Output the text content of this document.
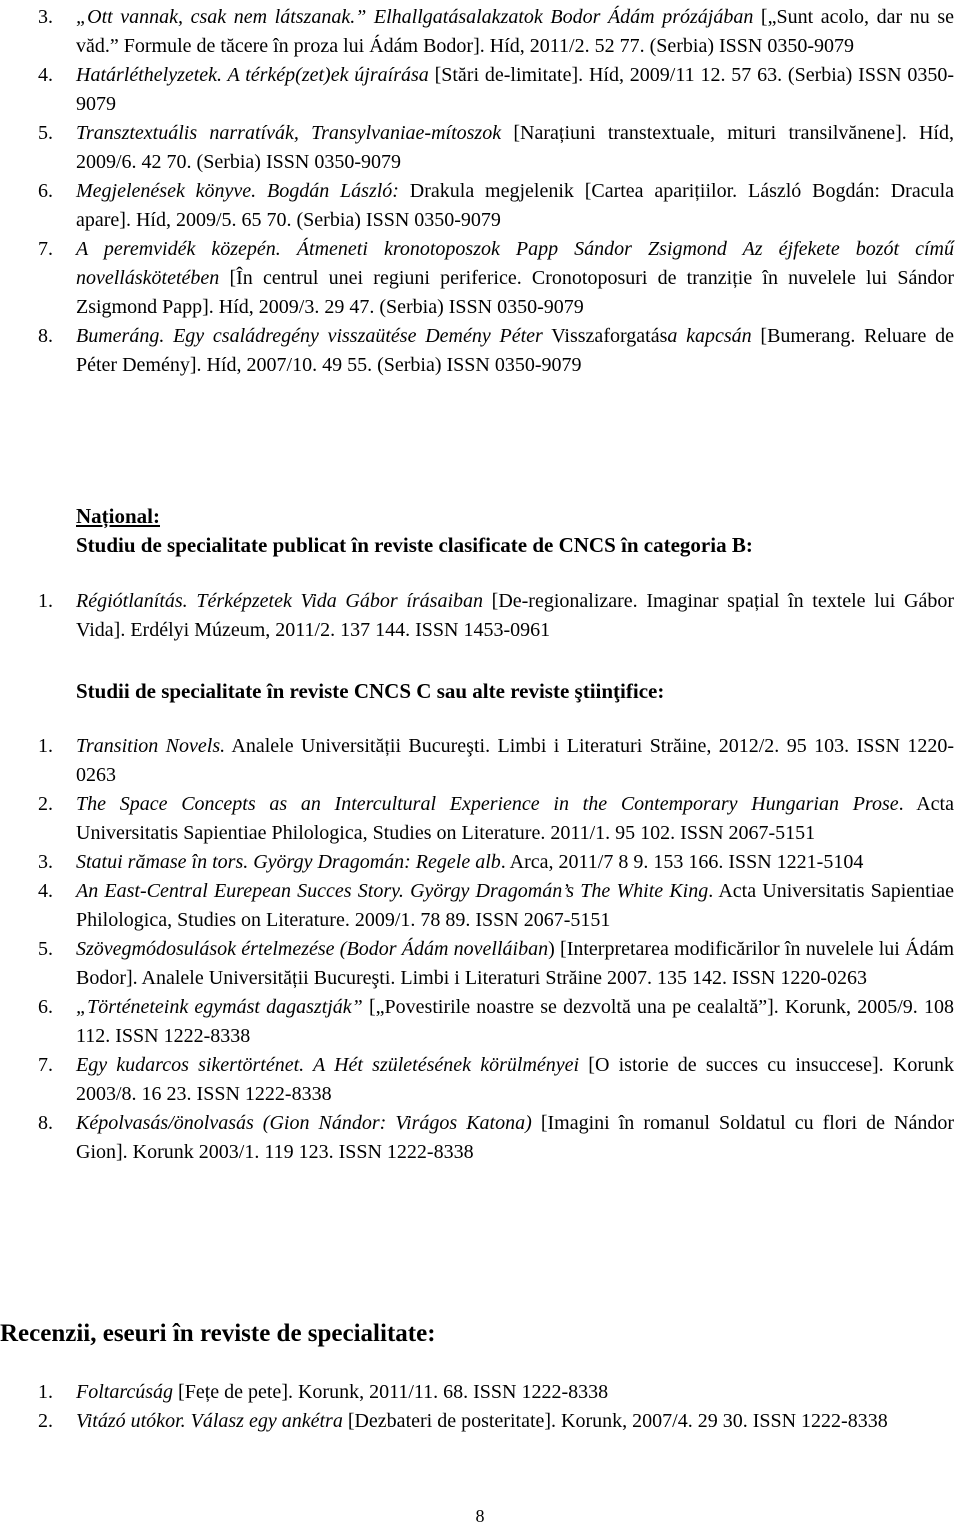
3. „Ott vannak, csak nem látszanak.” Elhallgatásalakzatok Bodor Ádám prózájában [„Sunt acolo, dar nu se văd.” Formule de tăcere în proza lui Ádám Bodor]. Híd, 2011/2. 52 77. (Serbia) ISSN 0350-9079
4. Határléthelyzetek. A térkép(zet)ek újraírása [Stări de-limitate]. Híd, 2009/11 12. 57 63. (Serbia) ISSN 0350-9079
5. Transztextuális narratívák, Transylvaniae-mítoszok [Narațiuni transtextuale, mituri transilvănene]. Híd, 2009/6. 42 70. (Serbia) ISSN 0350-9079
6. Megjelenések könyve. Bogdán László: Drakula megjelenik [Cartea aparițiilor. László Bogdán: Dracula apare]. Híd, 2009/5. 65 70. (Serbia) ISSN 0350-9079
7. A peremvidék közepén. Átmeneti kronotoposzok Papp Sándor Zsigmond Az éjfekete bozót című novelláskötetében [În centrul unei regiuni periferice. Cronotoposuri de tranziție în nuvelele lui Sándor Zsigmond Papp]. Híd, 2009/3. 29 47. (Serbia) ISSN 0350-9079
8. Bumeráng. Egy családregény visszaütése Demény Péter Visszaforgatása kapcsán [Bumerang. Reluare de Péter Demény]. Híd, 2007/10. 49 55. (Serbia) ISSN 0350-9079
Național:
Studiu de specialitate publicat în reviste clasificate de CNCS în categoria B:
1. Régiótlanítás. Térképzetek Vida Gábor írásaiban [De-regionalizare. Imaginar spațial în textele lui Gábor Vida]. Erdélyi Múzeum, 2011/2. 137 144. ISSN 1453-0961
Studii de specialitate în reviste CNCS C sau alte reviste ştiinţifice:
1. Transition Novels. Analele Universității Bucureşti. Limbi i Literaturi Străine, 2012/2. 95 103. ISSN 1220-0263
2. The Space Concepts as an Intercultural Experience in the Contemporary Hungarian Prose. Acta Universitatis Sapientiae Philologica, Studies on Literature. 2011/1. 95 102. ISSN 2067-5151
3. Statui rămase în tors. György Dragomán: Regele alb. Arca, 2011/7 8 9. 153 166. ISSN 1221-5104
4. An East-Central Eurepean Succes Story. György Dragomán’s The White King. Acta Universitatis Sapientiae Philologica, Studies on Literature. 2009/1. 78 89. ISSN 2067-5151
5. Szövegmódosulások értelmezése (Bodor Ádám novelláiban) [Interpretarea modificărilor în nuvelele lui Ádám Bodor]. Analele Universității Bucureşti. Limbi i Literaturi Străine 2007. 135 142. ISSN 1220-0263
6. „Történeteink egymást dagasztják” [„Povestirile noastre se dezvoltă una pe cealaltă”]. Korunk, 2005/9. 108 112. ISSN 1222-8338
7. Egy kudarcos sikertörténet. A Hét születésének körülményei [O istorie de succes cu insuccese]. Korunk 2003/8. 16 23. ISSN 1222-8338
8. Képolvasás/önolvasás (Gion Nándor: Virágos Katona) [Imagini în romanul Soldatul cu flori de Nándor Gion]. Korunk 2003/1. 119 123. ISSN 1222-8338
Recenzii, eseuri în reviste de specialitate:
1. Foltarcúság [Fețe de pete]. Korunk, 2011/11. 68. ISSN 1222-8338
2. Vitázó utókor. Válasz egy ankétra [Dezbateri de posteritate]. Korunk, 2007/4. 29 30. ISSN 1222-8338
8
